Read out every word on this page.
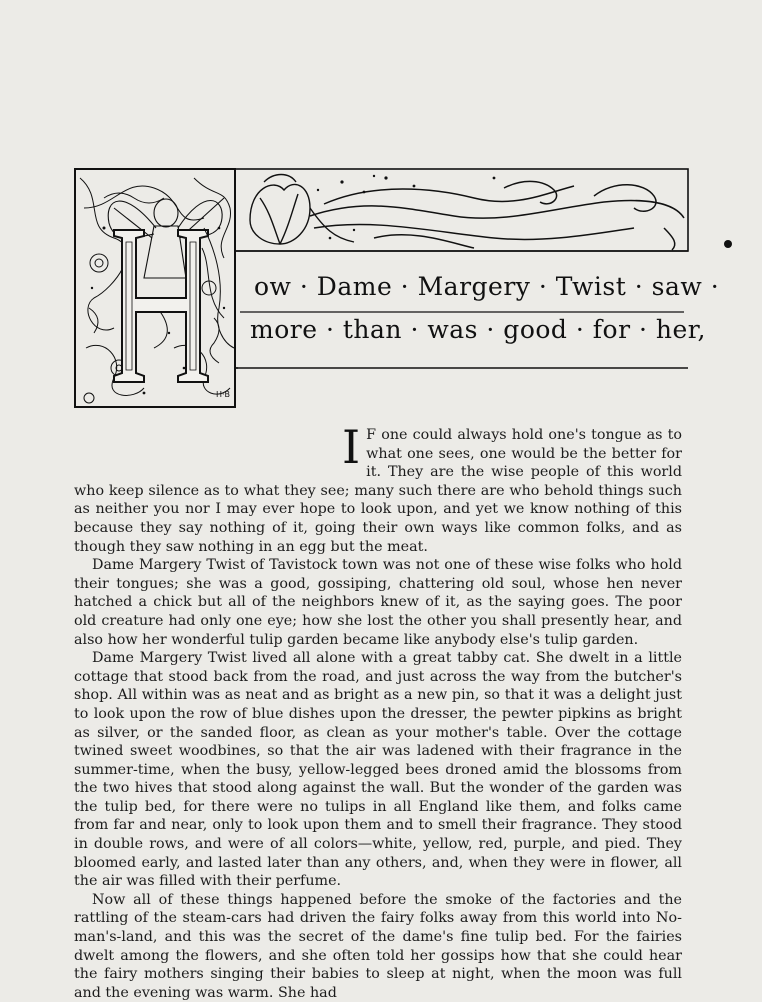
ow · Dame · Margery · Twist · saw ·
more · than · was · good · for · her,
H·B

I F one could always hold one's tongue as to what one sees, one would be the better for it. They are the wise people of this world who keep silence as to what they see; many such there are who behold things such as neither you nor I may ever hope to look upon, and yet we know nothing of this because they say nothing of it, going their own ways like common folks, and as though they saw nothing in an egg but the meat.

Dame Margery Twist of Tavistock town was not one of these wise folks who hold their tongues; she was a good, gossiping, chattering old soul, whose hen never hatched a chick but all of the neighbors knew of it, as the saying goes. The poor old creature had only one eye; how she lost the other you shall presently hear, and also how her wonderful tulip garden became like anybody else's tulip garden.

Dame Margery Twist lived all alone with a great tabby cat. She dwelt in a little cottage that stood back from the road, and just across the way from the butcher's shop. All within was as neat and as bright as a new pin, so that it was a delight just to look upon the row of blue dishes upon the dresser, the pewter pipkins as bright as silver, or the sanded floor, as clean as your mother's table. Over the cottage twined sweet woodbines, so that the air was ladened with their fragrance in the summer-time, when the busy, yellow-legged bees droned amid the blossoms from the two hives that stood along against the wall. But the wonder of the garden was the tulip bed, for there were no tulips in all England like them, and folks came from far and near, only to look upon them and to smell their fragrance. They stood in double rows, and were of all colors—white, yellow, red, purple, and pied. They bloomed early, and lasted later than any others, and, when they were in flower, all the air was filled with their perfume.

Now all of these things happened before the smoke of the factories and the rattling of the steam-cars had driven the fairy folks away from this world into No-man's-land, and this was the secret of the dame's fine tulip bed. For the fairies dwelt among the flowers, and she often told her gossips how that she could hear the fairy mothers singing their babies to sleep at night, when the moon was full and the evening was warm. She had
